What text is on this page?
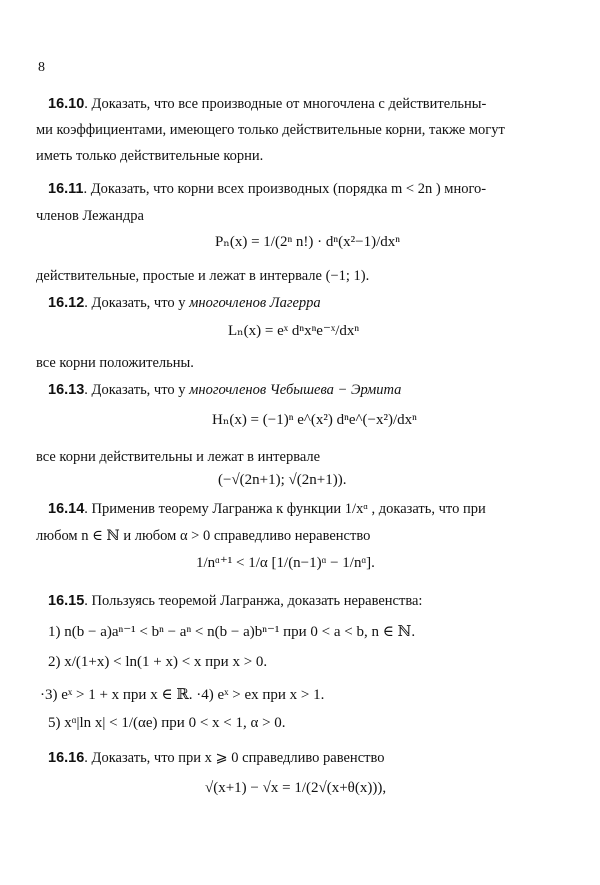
8
16.10. Доказать, что все производные от многочлена с действительны-
ми коэффициентами, имеющего только действительные корни, также могут
иметь только действительные корни.
16.11. Доказать, что корни всех производных (порядка m < 2n ) много-
членов Лежандра
Pₙ(x) = 1/(2ⁿ n!) · dⁿ(x²−1)/dxⁿ
действительные, простые и лежат в интервале (−1; 1).
16.12. Доказать, что у многочленов Лагерра
Lₙ(x) = eˣ dⁿxⁿe⁻ˣ/dxⁿ
все корни положительны.
16.13. Доказать, что у многочленов Чебышева − Эрмита
Hₙ(x) = (−1)ⁿ e^(x²) dⁿe^(−x²)/dxⁿ
все корни действительны и лежат в интервале
(−√(2n+1); √(2n+1)).
16.14. Применив теорему Лагранжа к функции 1/xᵅ , доказать, что при
любом n ∈ ℕ и любом α > 0 справедливо неравенство
1/nᵅ⁺¹ < 1/α [1/(n−1)ᵅ − 1/nᵅ].
16.15. Пользуясь теоремой Лагранжа, доказать неравенства:
1) n(b − a)aⁿ⁻¹ < bⁿ − aⁿ < n(b − a)bⁿ⁻¹ при 0 < a < b, n ∈ ℕ.
2) x/(1+x) < ln(1 + x) < x при x > 0.
·3) eˣ > 1 + x при x ∈ ℝ. ·4) eˣ > ex при x > 1.
5) xᵅ|ln x| < 1/(αe) при 0 < x < 1, α > 0.
16.16. Доказать, что при x ⩾ 0 справедливо равенство
√(x+1) − √x = 1/(2√(x+θ(x))),
